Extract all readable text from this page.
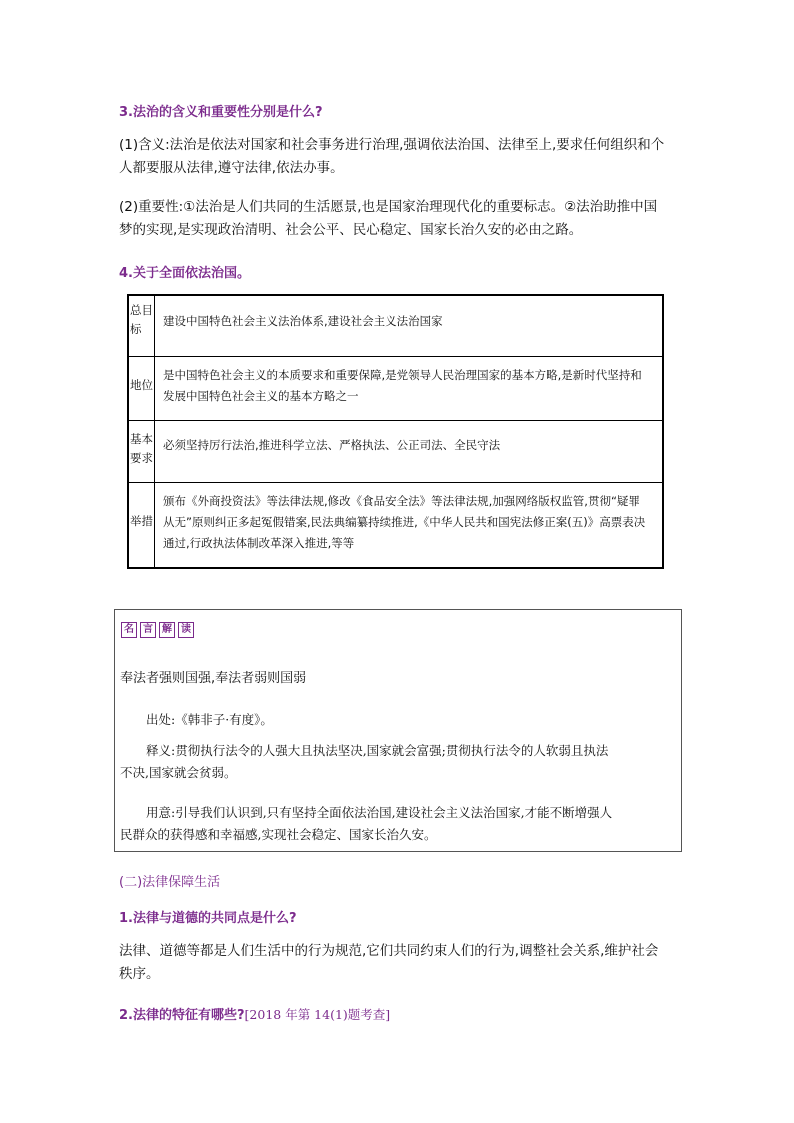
3.法治的含义和重要性分别是什么?
(1)含义:法治是依法对国家和社会事务进行治理,强调依法治国、法律至上,要求任何组织和个
人都要服从法律,遵守法律,依法办事。
(2)重要性:①法治是人们共同的生活愿景,也是国家治理现代化的重要标志。②法治助推中国
梦的实现,是实现政治清明、社会公平、民心稳定、国家长治久安的必由之路。
4.关于全面依法治国。
总目
标
建设中国特色社会主义法治体系,建设社会主义法治国家
地位
是中国特色社会主义的本质要求和重要保障,是党领导人民治理国家的基本方略,是新时代坚持和
发展中国特色社会主义的基本方略之一
基本
要求
必须坚持厉行法治,推进科学立法、严格执法、公正司法、全民守法
举措
颁布《外商投资法》等法律法规,修改《食品安全法》等法律法规,加强网络版权监管,贯彻“疑罪
从无”原则纠正多起冤假错案,民法典编纂持续推进,《中华人民共和国宪法修正案(五)》高票表决
通过,行政执法体制改革深入推进,等等
名 言 解 读
奉法者强则国强,奉法者弱则国弱
出处:《韩非子·有度》。
释义:贯彻执行法令的人强大且执法坚决,国家就会富强;贯彻执行法令的人软弱且执法
不决,国家就会贫弱。
用意:引导我们认识到,只有坚持全面依法治国,建设社会主义法治国家,才能不断增强人
民群众的获得感和幸福感,实现社会稳定、国家长治久安。
(二)法律保障生活
1.法律与道德的共同点是什么?
法律、道德等都是人们生活中的行为规范,它们共同约束人们的行为,调整社会关系,维护社会
秩序。
2.法律的特征有哪些?[2018 年第 14(1)题考查]
